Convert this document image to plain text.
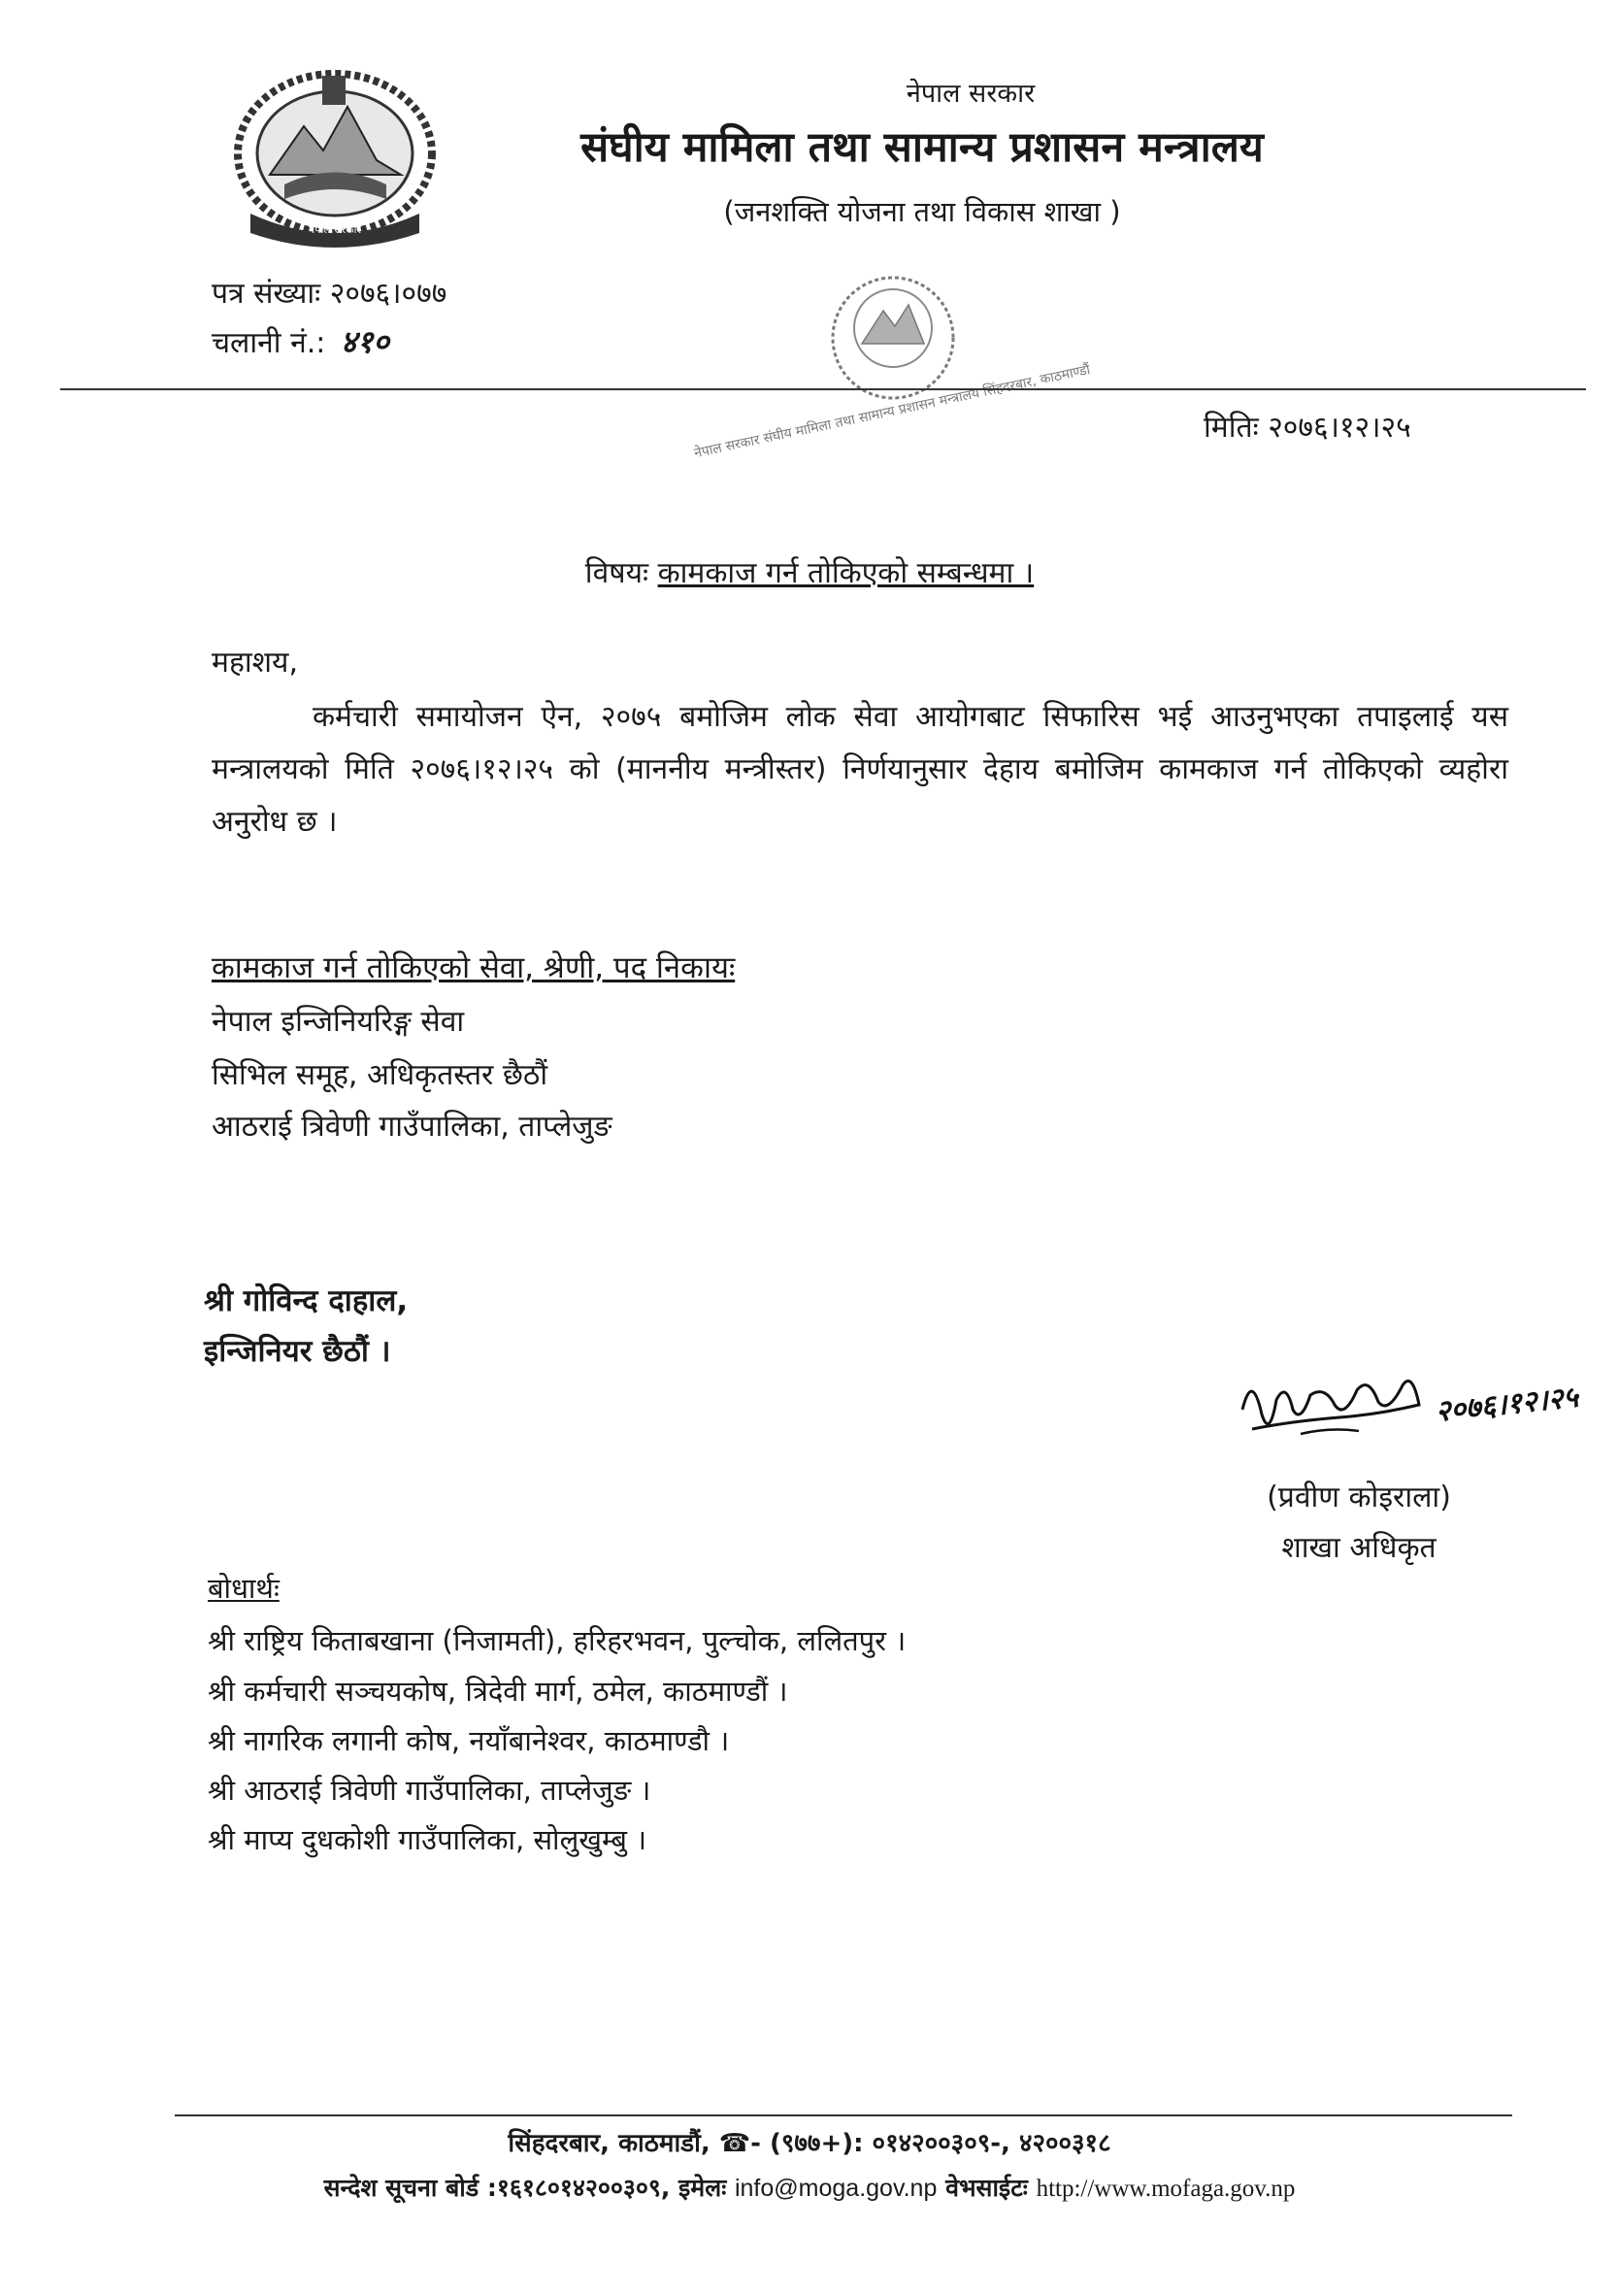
नेपाल सरकार
नेपाल सरकार
संघीय मामिला तथा सामान्य प्रशासन मन्त्रालय
(जनशक्ति योजना तथा विकास शाखा )
पत्र संख्याः २०७६।०७७
चलानी नं.: ४१०
नेपाल सरकार संघीय मामिला तथा सामान्य प्रशासन मन्त्रालय सिंहदरबार, काठमाण्डौं	मितिः २०७६।१२।२५
विषयः कामकाज गर्न तोकिएको सम्बन्धमा ।
महाशय,
कर्मचारी समायोजन ऐन, २०७५ बमोजिम लोक सेवा आयोगबाट सिफारिस भई आउनुभएका तपाइलाई यस मन्त्रालयको मिति २०७६।१२।२५ को (माननीय मन्त्रीस्तर) निर्णयानुसार देहाय बमोजिम कामकाज गर्न तोकिएको व्यहोरा अनुरोध छ ।
कामकाज गर्न तोकिएको सेवा, श्रेणी, पद निकायः
नेपाल इन्जिनियरिङ्ग सेवा
सिभिल समूह, अधिकृतस्तर छैठौं
आठराई त्रिवेणी गाउँपालिका, ताप्लेजुङ
श्री गोविन्द दाहाल,
इन्जिनियर छैठौं ।
२०७६।१२।२५
(प्रवीण कोइराला)
शाखा अधिकृत
बोधार्थः
श्री राष्ट्रिय किताबखाना (निजामती), हरिहरभवन, पुल्चोक, ललितपुर ।
श्री कर्मचारी सञ्चयकोष, त्रिदेवी मार्ग, ठमेल, काठमाण्डौं ।
श्री नागरिक लगानी कोष, नयाँबानेश्वर, काठमाण्डौ ।
श्री आठराई त्रिवेणी गाउँपालिका, ताप्लेजुङ ।
श्री माप्य दुधकोशी गाउँपालिका, सोलुखुम्बु ।
सिंहदरबार, काठमाडौं, ☎- (९७७+): ०१४२००३०९-, ४२००३१८
सन्देश सूचना बोर्ड :१६१८०१४२००३०९, इमेलः info@moga.gov.np वेभसाईटः http://www.mofaga.gov.np
